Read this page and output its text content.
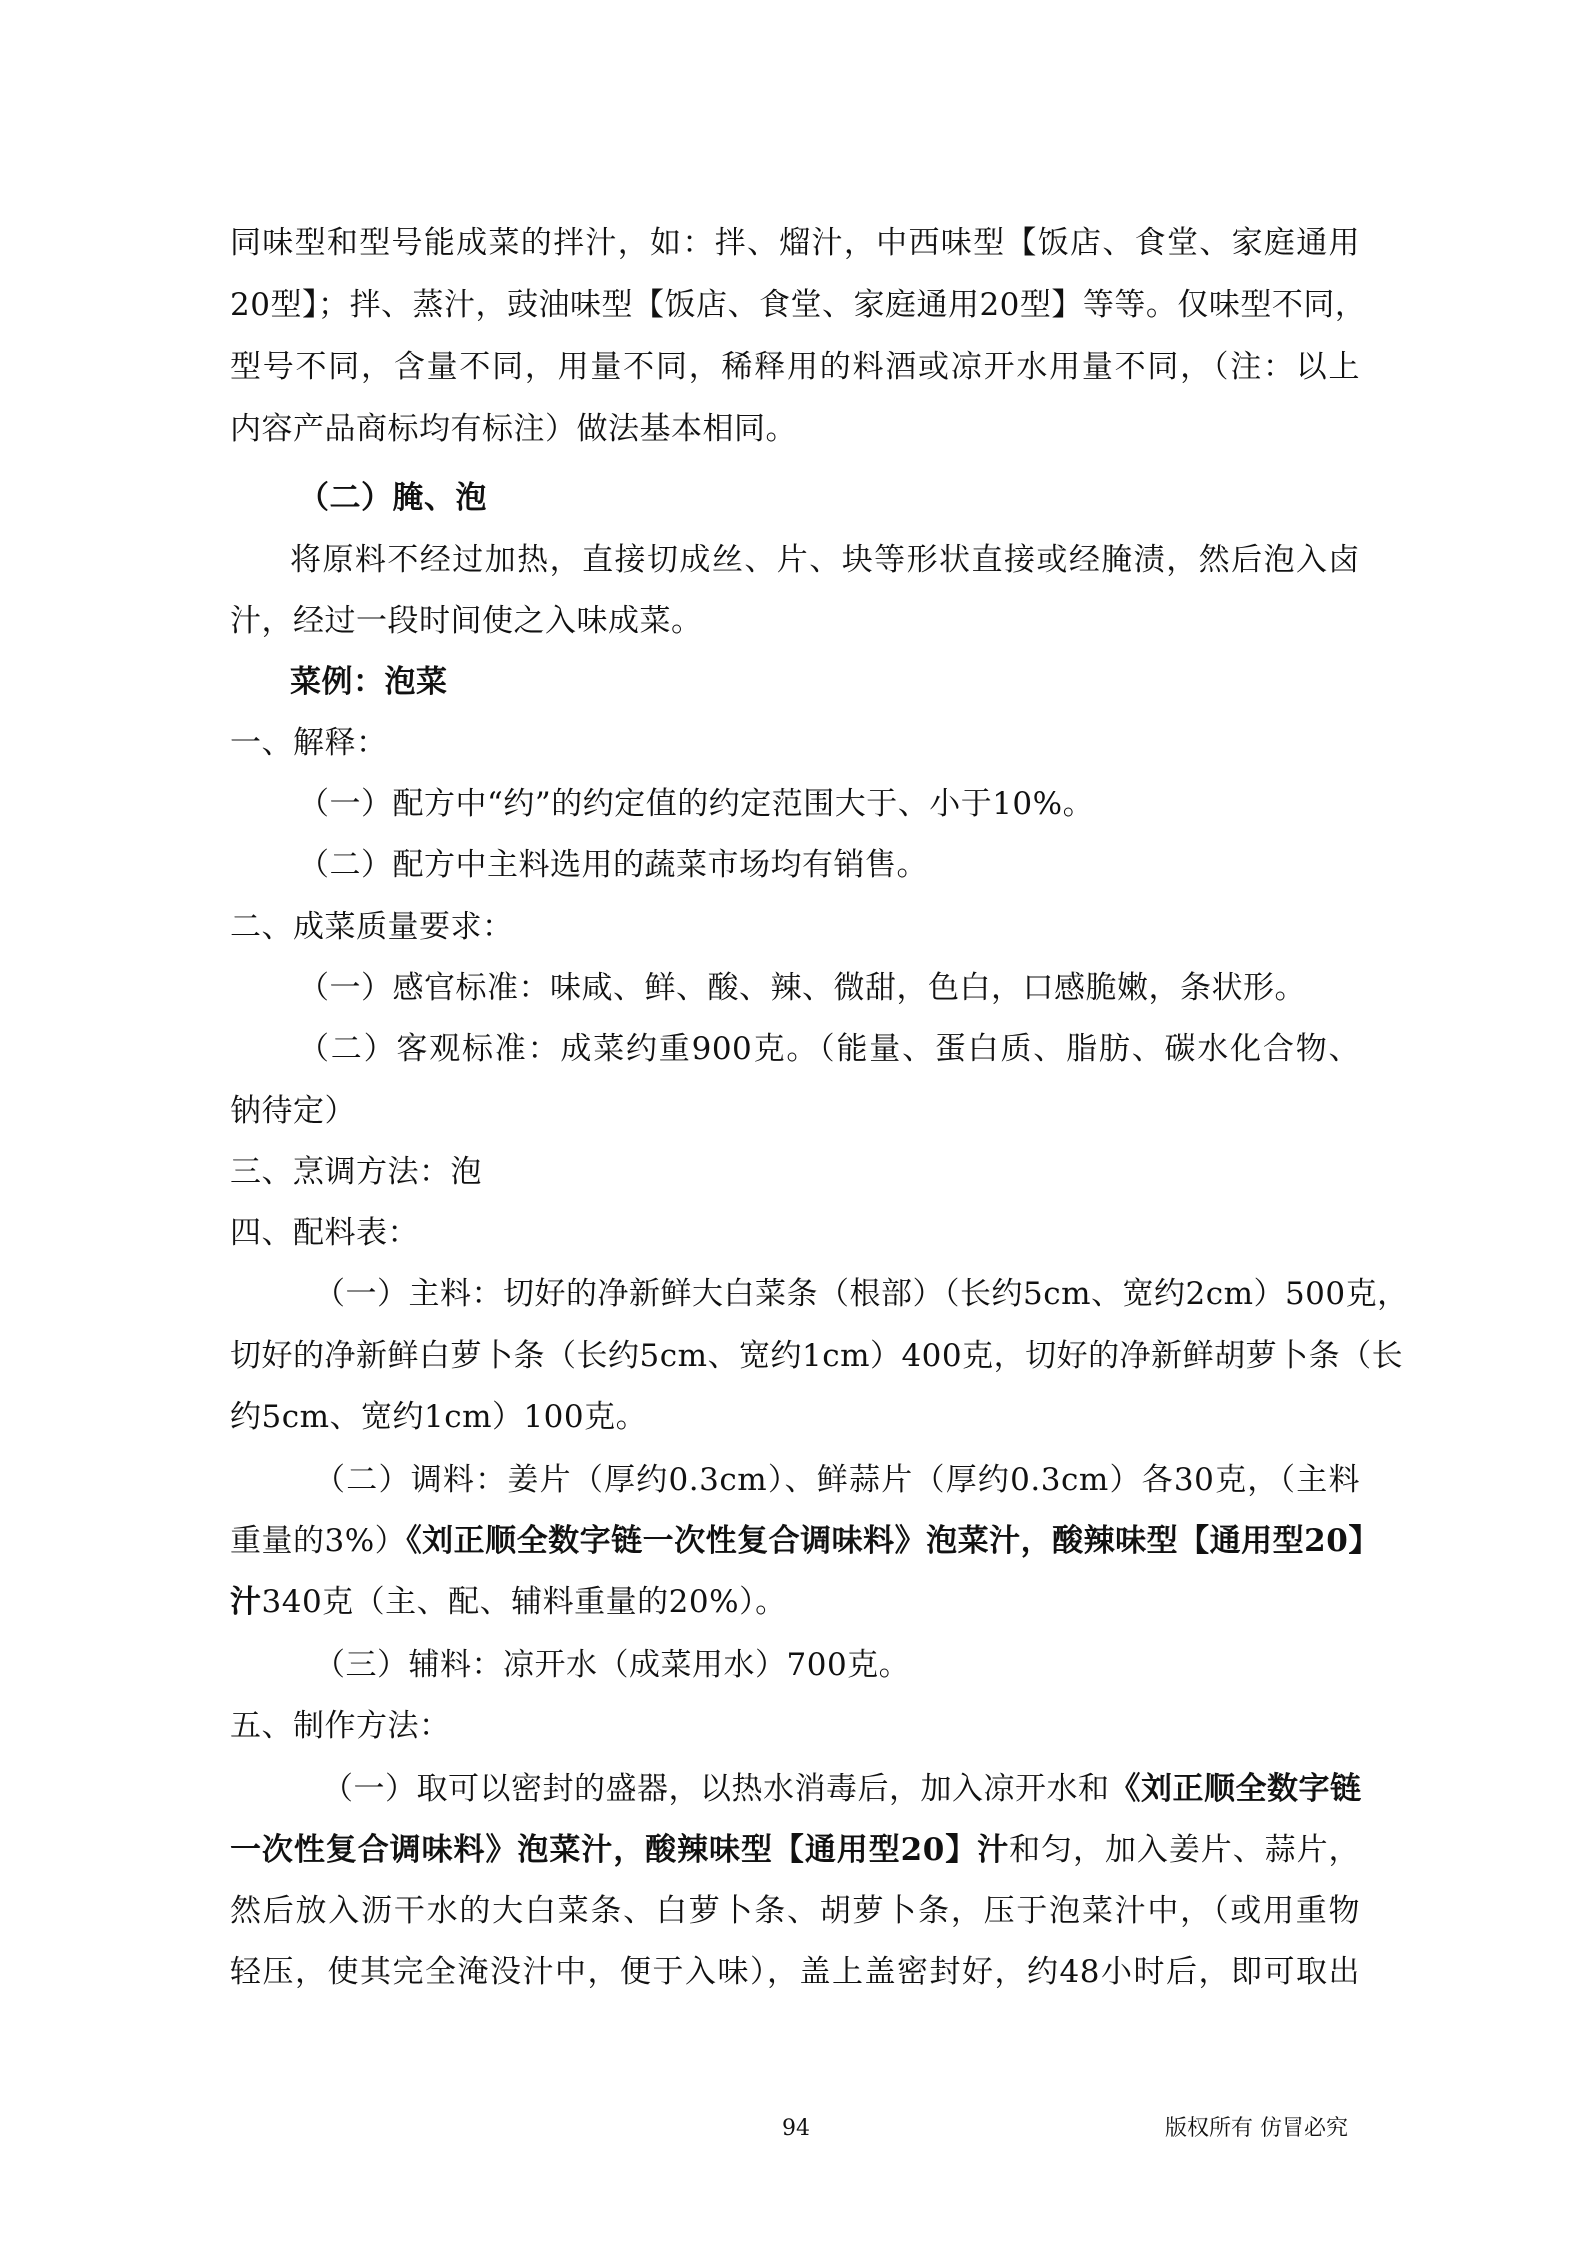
同味型和型号能成菜的拌汁，如：拌、熘汁，中西味型【饭店、食堂、家庭通用
20型】；拌、蒸汁，豉油味型【饭店、食堂、家庭通用20型】等等。仅味型不同，
型号不同，含量不同，用量不同，稀释用的料酒或凉开水用量不同，（注：以上
内容产品商标均有标注）做法基本相同。
（二）腌、泡
将原料不经过加热，直接切成丝、片、块等形状直接或经腌渍，然后泡入卤
汁，经过一段时间使之入味成菜。
菜例：泡菜
一、解释：
（一）配方中“约”的约定值的约定范围大于、小于10%。
（二）配方中主料选用的蔬菜市场均有销售。
二、成菜质量要求：
（一）感官标准：味咸、鲜、酸、辣、微甜，色白，口感脆嫩，条状形。
（二）客观标准：成菜约重900克。（能量、蛋白质、脂肪、碳水化合物、
钠待定）
三、烹调方法：泡
四、配料表：
（一）主料：切好的净新鲜大白菜条（根部）（长约5cm、宽约2cm）500克，
切好的净新鲜白萝卜条（长约5cm、宽约1cm）400克，切好的净新鲜胡萝卜条（长
约5cm、宽约1cm）100克。
（二）调料：姜片（厚约0.3cm）、鲜蒜片（厚约0.3cm）各30克，（主料
重量的3%）《刘正顺全数字链一次性复合调味料》泡菜汁，酸辣味型【通用型20】
汁340克（主、配、辅料重量的20%）。
（三）辅料：凉开水（成菜用水）700克。
五、制作方法：
（一）取可以密封的盛器，以热水消毒后，加入凉开水和《刘正顺全数字链
一次性复合调味料》泡菜汁，酸辣味型【通用型20】汁和匀，加入姜片、蒜片，
然后放入沥干水的大白菜条、白萝卜条、胡萝卜条，压于泡菜汁中，（或用重物
轻压，使其完全淹没汁中，便于入味），盖上盖密封好，约48小时后，即可取出
94	版权所有 仿冒必究
